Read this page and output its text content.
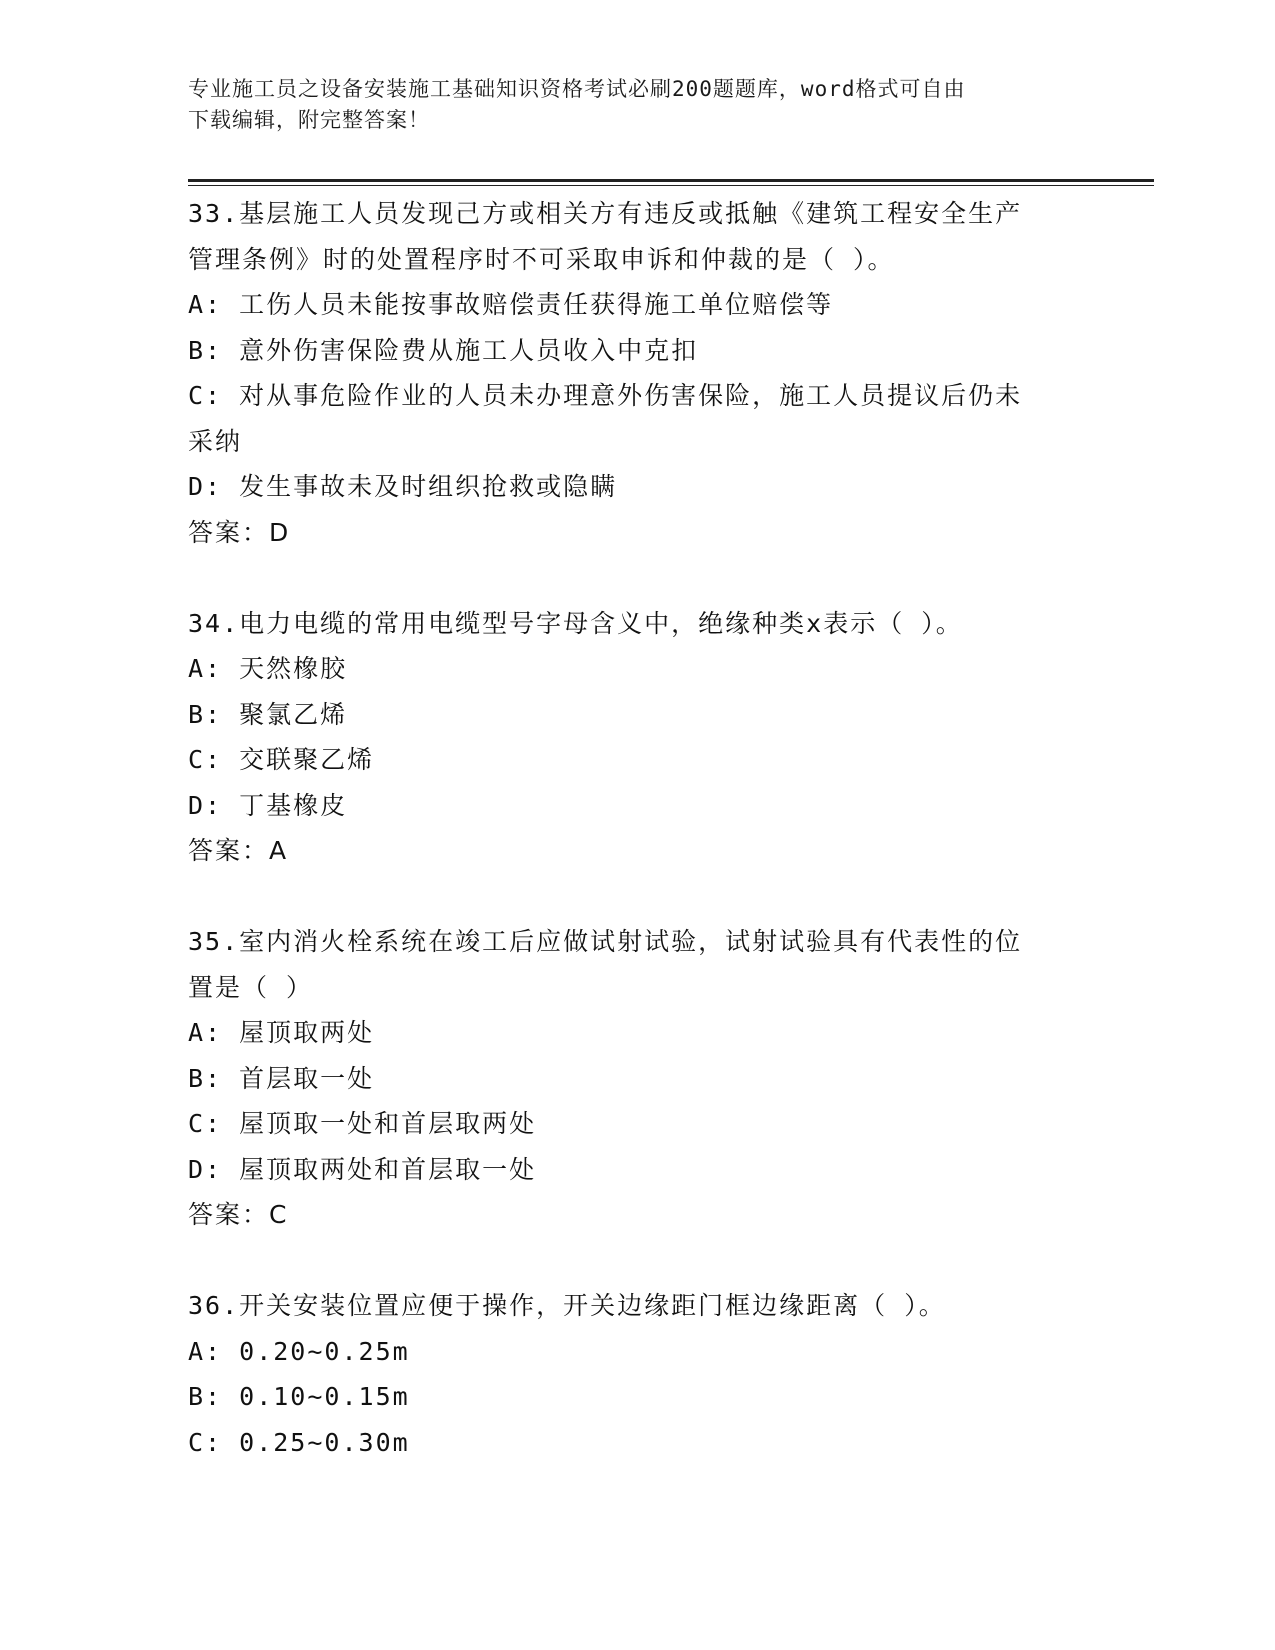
专业施工员之设备安装施工基础知识资格考试必刷200题题库，word格式可自由
下载编辑，附完整答案！
33.基层施工人员发现己方或相关方有违反或抵触《建筑工程安全生产
管理条例》时的处置程序时不可采取申诉和仲裁的是（ ）。
A: 工伤人员未能按事故赔偿责任获得施工单位赔偿等
B: 意外伤害保险费从施工人员收入中克扣
C: 对从事危险作业的人员未办理意外伤害保险，施工人员提议后仍未
采纳
D: 发生事故未及时组织抢救或隐瞒
答案：D
34.电力电缆的常用电缆型号字母含义中，绝缘种类x表示（ ）。
A: 天然橡胶
B: 聚氯乙烯
C: 交联聚乙烯
D: 丁基橡皮
答案：A
35.室内消火栓系统在竣工后应做试射试验，试射试验具有代表性的位
置是（ ）
A: 屋顶取两处
B: 首层取一处
C: 屋顶取一处和首层取两处
D: 屋顶取两处和首层取一处
答案：C
36.开关安装位置应便于操作，开关边缘距门框边缘距离（ ）。
A: 0.20~0.25m
B: 0.10~0.15m
C: 0.25~0.30m
